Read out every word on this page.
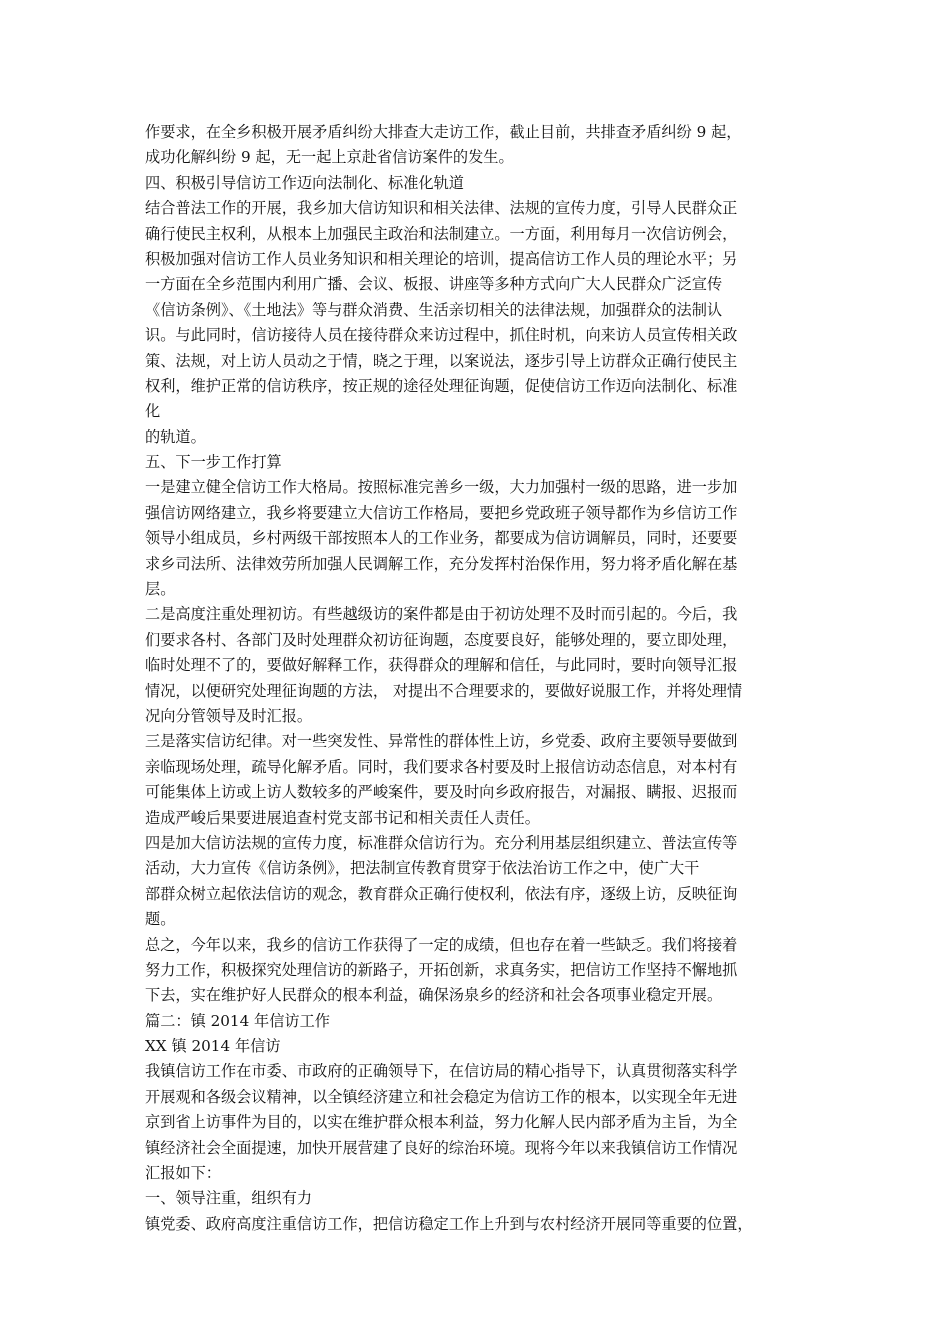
作要求，在全乡积极开展矛盾纠纷大排查大走访工作，截止目前，共排查矛盾纠纷 9 起，
成功化解纠纷 9 起，无一起上京赴省信访案件的发生。
四、积极引导信访工作迈向法制化、标准化轨道
结合普法工作的开展，我乡加大信访知识和相关法律、法规的宣传力度，引导人民群众正
确行使民主权利，从根本上加强民主政治和法制建立。一方面，利用每月一次信访例会，
积极加强对信访工作人员业务知识和相关理论的培训，提高信访工作人员的理论水平；另
一方面在全乡范围内利用广播、会议、板报、讲座等多种方式向广大人民群众广泛宣传
《信访条例》、《土地法》等与群众消费、生活亲切相关的法律法规，加强群众的法制认
识。与此同时，信访接待人员在接待群众来访过程中，抓住时机，向来访人员宣传相关政
策、法规，对上访人员动之于情，晓之于理，以案说法，逐步引导上访群众正确行使民主
权利，维护正常的信访秩序，按正规的途径处理征询题，促使信访工作迈向法制化、标准
化
的轨道。
五、下一步工作打算
一是建立健全信访工作大格局。按照标准完善乡一级，大力加强村一级的思路，进一步加
强信访网络建立，我乡将要建立大信访工作格局，要把乡党政班子领导都作为乡信访工作
领导小组成员，乡村两级干部按照本人的工作业务，都要成为信访调解员，同时，还要要
求乡司法所、法律效劳所加强人民调解工作，充分发挥村治保作用，努力将矛盾化解在基
层。
二是高度注重处理初访。有些越级访的案件都是由于初访处理不及时而引起的。今后，我
们要求各村、各部门及时处理群众初访征询题，态度要良好，能够处理的，要立即处理，
临时处理不了的，要做好解释工作，获得群众的理解和信任，与此同时，要时向领导汇报
情况，以便研究处理征询题的方法， 对提出不合理要求的，要做好说服工作，并将处理情
况向分管领导及时汇报。
三是落实信访纪律。对一些突发性、异常性的群体性上访，乡党委、政府主要领导要做到
亲临现场处理，疏导化解矛盾。同时，我们要求各村要及时上报信访动态信息，对本村有
可能集体上访或上访人数较多的严峻案件，要及时向乡政府报告，对漏报、瞒报、迟报而
造成严峻后果要进展追查村党支部书记和相关责任人责任。
四是加大信访法规的宣传力度，标准群众信访行为。充分利用基层组织建立、普法宣传等
活动，大力宣传《信访条例》，把法制宣传教育贯穿于依法治访工作之中，使广大干
部群众树立起依法信访的观念，教育群众正确行使权利，依法有序，逐级上访，反映征询
题。
总之，今年以来，我乡的信访工作获得了一定的成绩，但也存在着一些缺乏。我们将接着
努力工作，积极探究处理信访的新路子，开拓创新，求真务实，把信访工作坚持不懈地抓
下去，实在维护好人民群众的根本利益，确保汤泉乡的经济和社会各项事业稳定开展。
篇二：镇 2014 年信访工作
XX 镇 2014 年信访
我镇信访工作在市委、市政府的正确领导下，在信访局的精心指导下，认真贯彻落实科学
开展观和各级会议精神，以全镇经济建立和社会稳定为信访工作的根本，以实现全年无进
京到省上访事件为目的，以实在维护群众根本利益，努力化解人民内部矛盾为主旨，为全
镇经济社会全面提速，加快开展营建了良好的综治环境。现将今年以来我镇信访工作情况
汇报如下：
一、领导注重，组织有力
镇党委、政府高度注重信访工作，把信访稳定工作上升到与农村经济开展同等重要的位置，
